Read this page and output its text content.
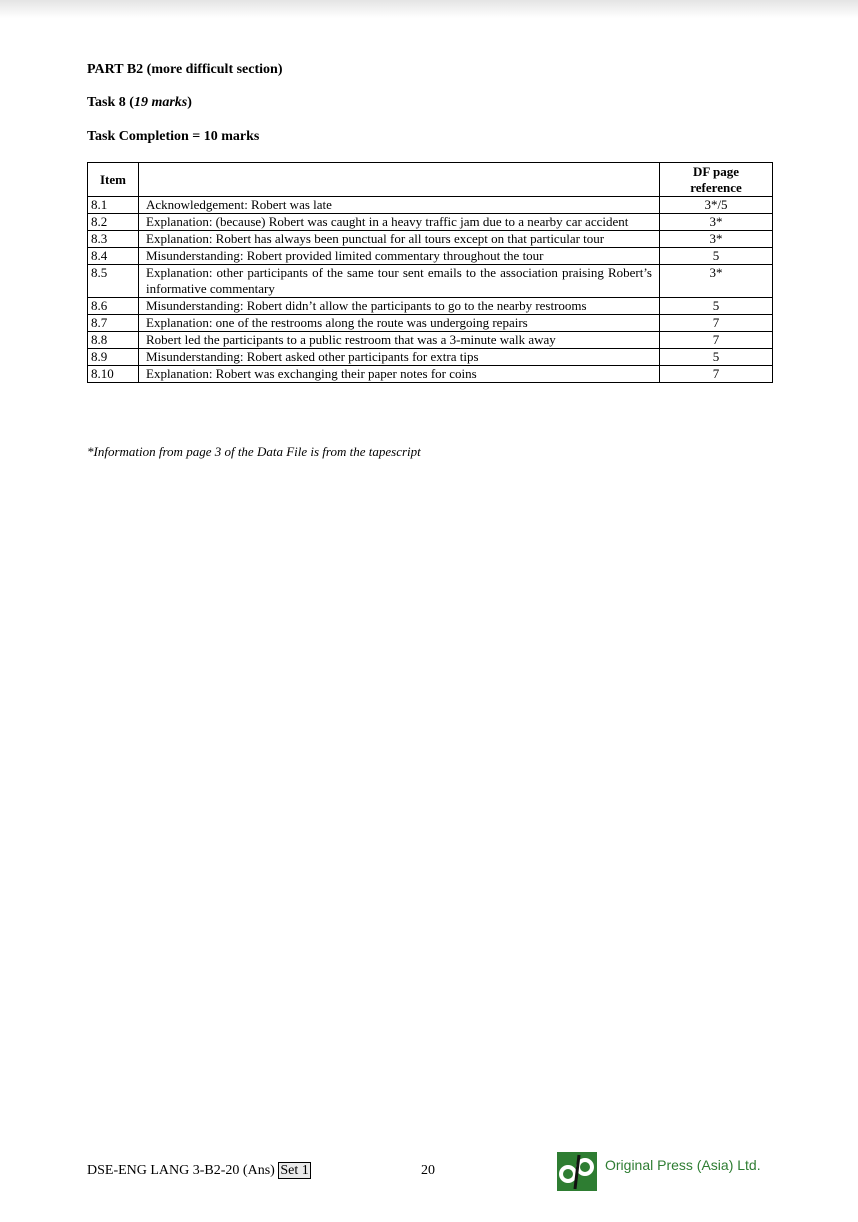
PART B2 (more difficult section)
Task 8 (19 marks)
Task Completion = 10 marks
Item		DF page
reference

8.1	Acknowledgement: Robert was late	3*/5
8.2	Explanation: (because) Robert was caught in a heavy traffic jam due to a nearby car accident	3*
8.3	Explanation: Robert has always been punctual for all tours except on that particular tour	3*
8.4	Misunderstanding: Robert provided limited commentary throughout the tour	5
8.5	Explanation: other participants of the same tour sent emails to the association praising Robert’s informative commentary	3*
8.6	Misunderstanding: Robert didn’t allow the participants to go to the nearby restrooms	5
8.7	Explanation: one of the restrooms along the route was undergoing repairs	7
8.8	Robert led the participants to a public restroom that was a 3-minute walk away	7
8.9	Misunderstanding: Robert asked other participants for extra tips	5
8.10	Explanation: Robert was exchanging their paper notes for coins	7
*Information from page 3 of the Data File is from the tapescript
DSE-ENG LANG 3-B2-20 (Ans) Set 1	20	Original Press (Asia) Ltd.
